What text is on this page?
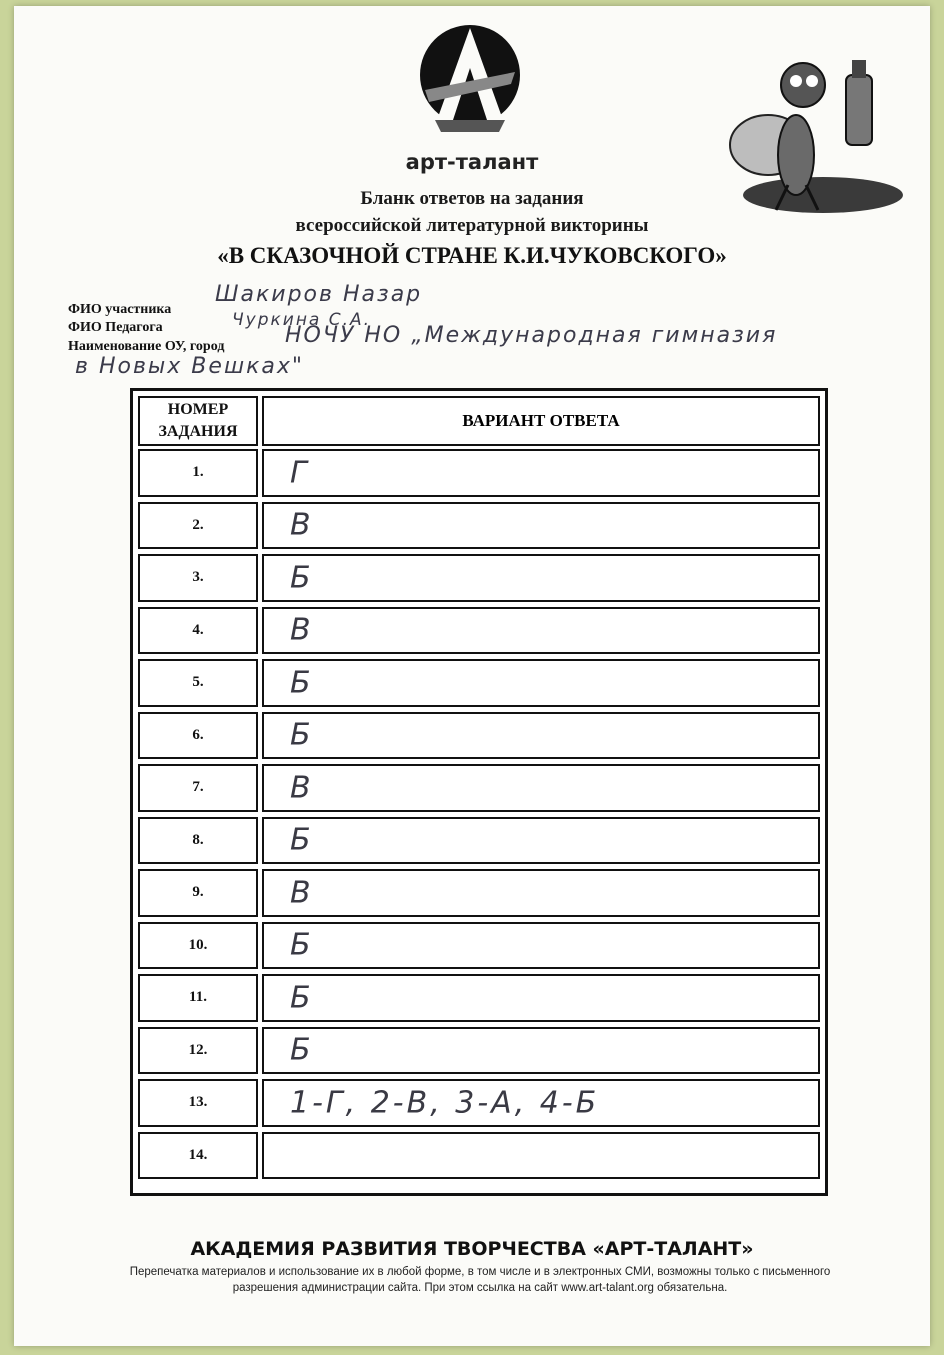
арт-талант
Бланк ответов на задания
всероссийской литературной викторины
«В СКАЗОЧНОЙ СТРАНЕ К.И.ЧУКОВСКОГО»
ФИО участника
Шакиров Назар
ФИО Педагога	Чуркина С.А.
Наименование ОУ, город	НОЧУ НО „Международная гимназия
в Новых Вешках"
НОМЕР ЗАДАНИЯ
ВАРИАНТ ОТВЕТА
1.	Г
2.	В
3.	Б
4.	В
5.	Б
6.	Б
7.	В
8.	Б
9.	В
10.	Б
11.	Б
12.	Б
13.	1-Г, 2-В, 3-А, 4-Б
14.
АКАДЕМИЯ РАЗВИТИЯ ТВОРЧЕСТВА «АРТ-ТАЛАНТ»
Перепечатка материалов и использование их в любой форме, в том числе и в электронных СМИ, возможны только с письменного разрешения администрации сайта. При этом ссылка на сайт www.art-talant.org обязательна.
